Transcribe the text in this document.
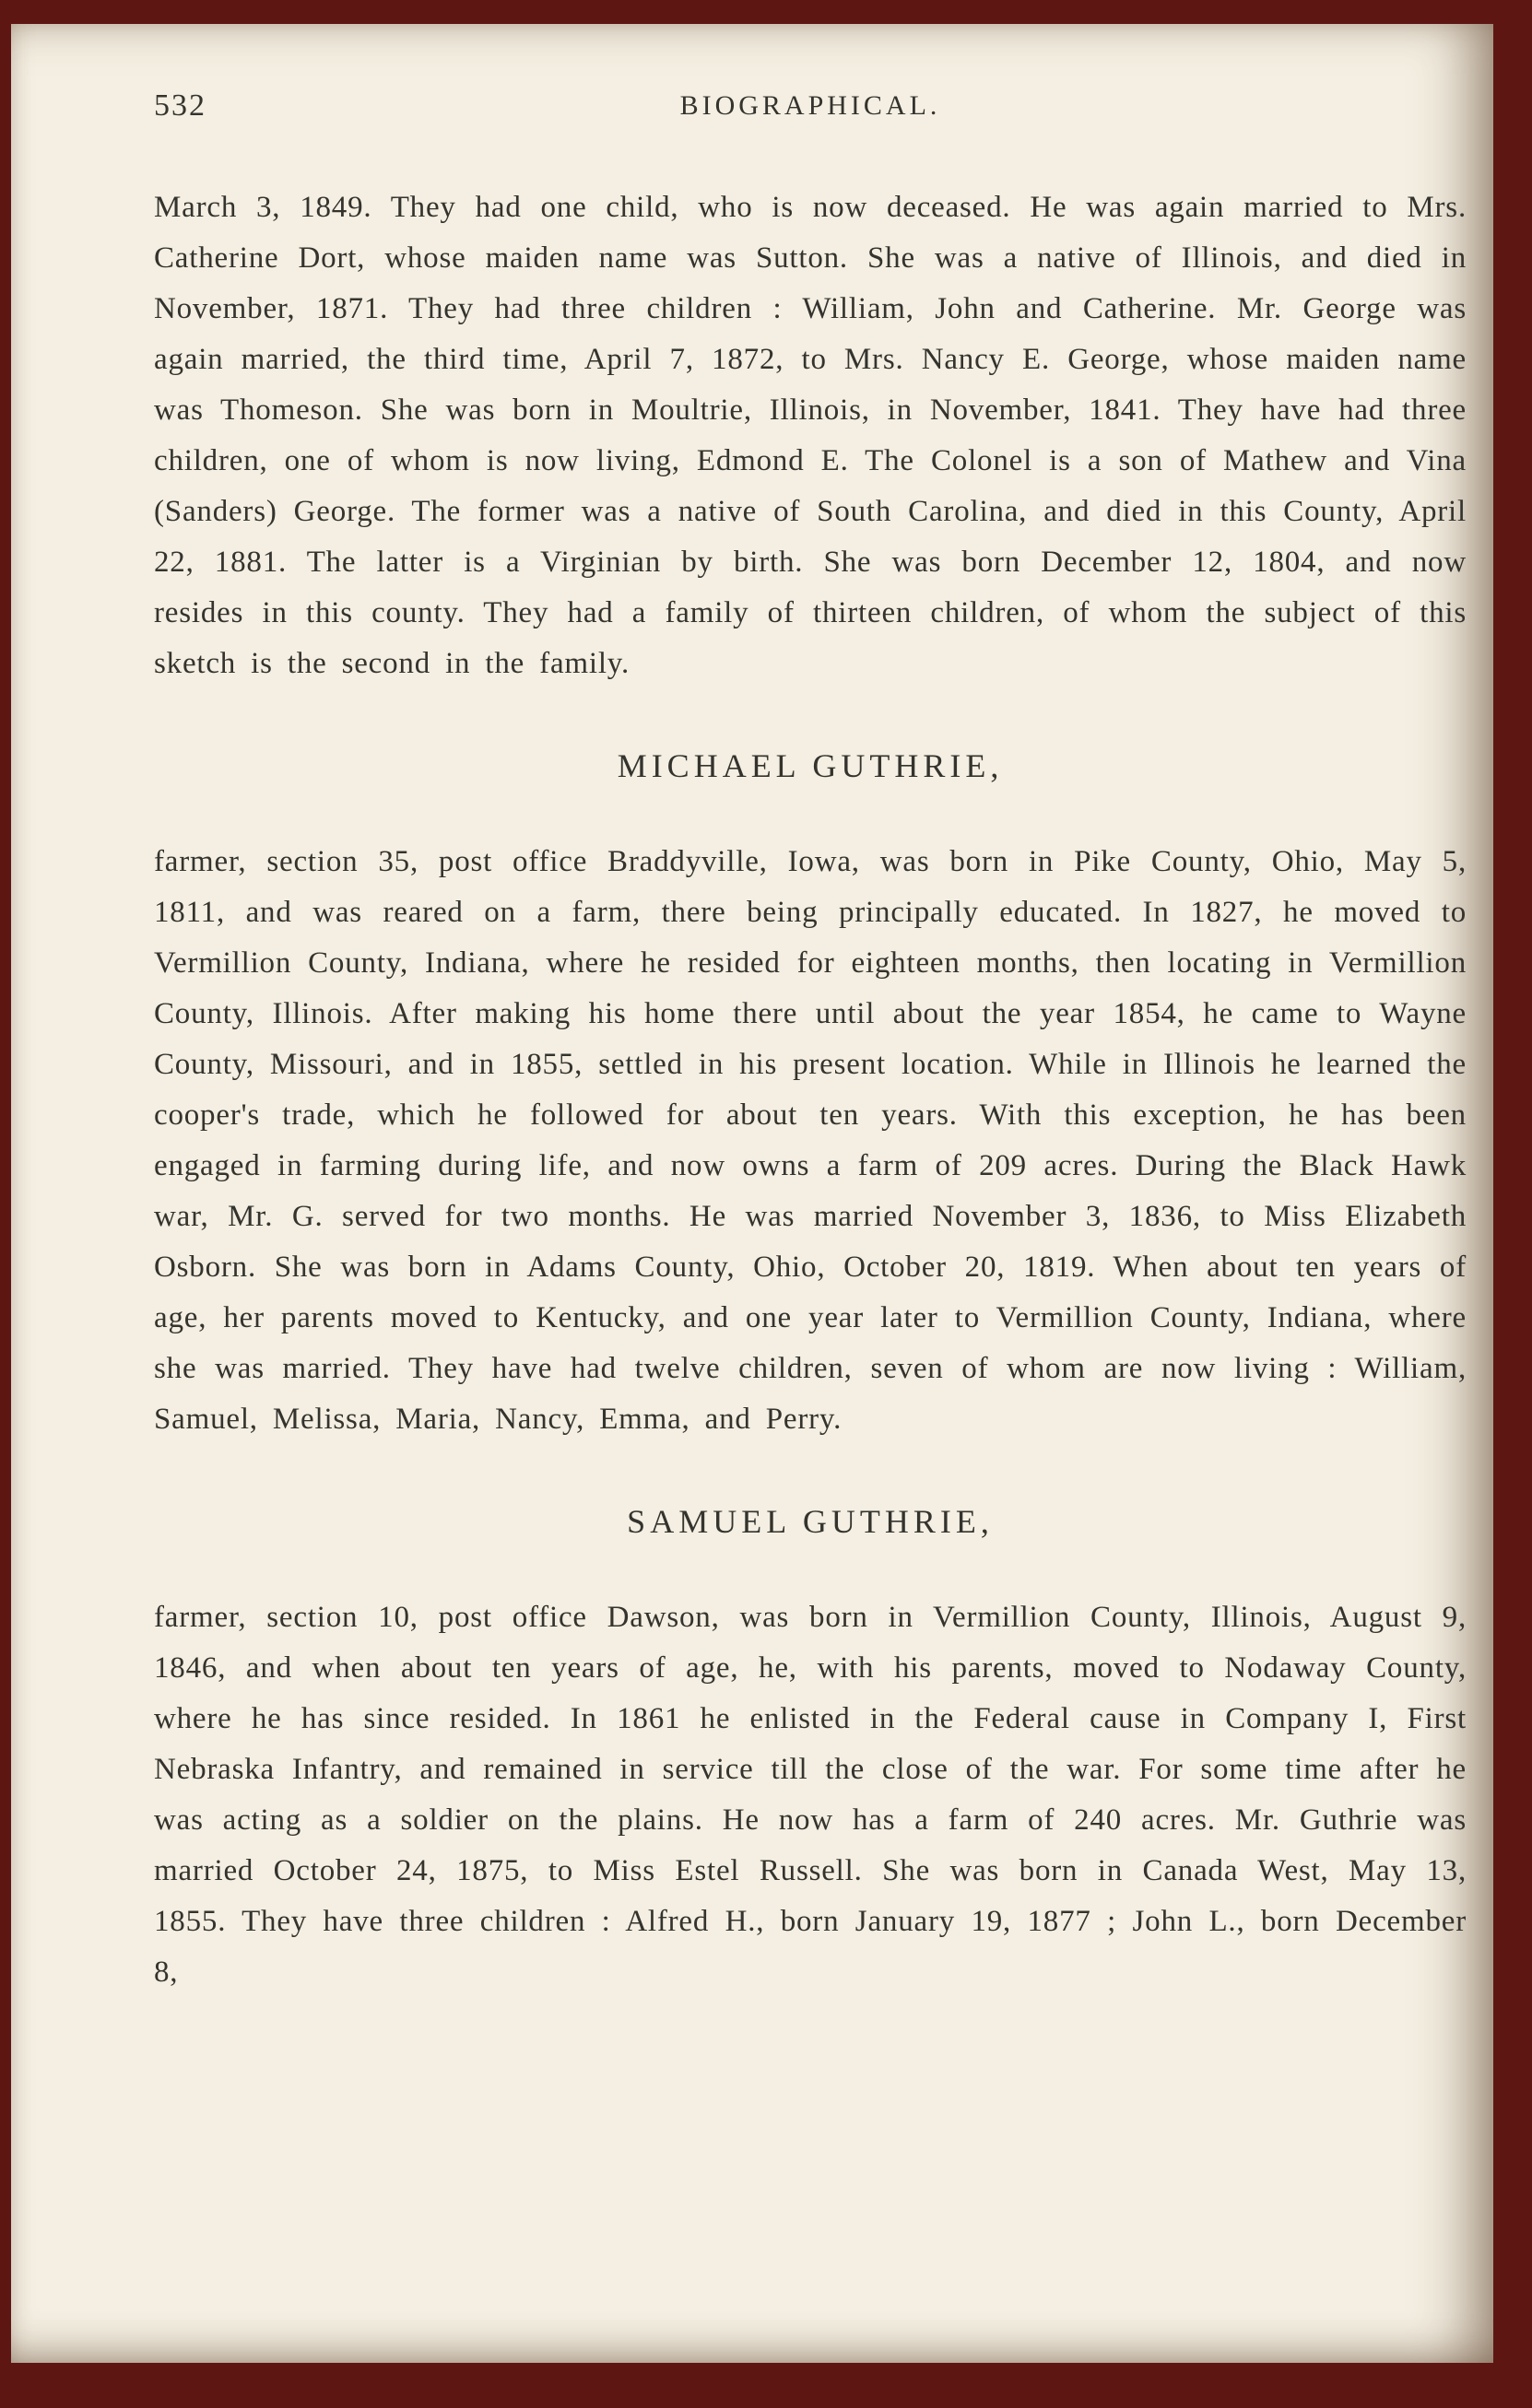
532	BIOGRAPHICAL.

March 3, 1849. They had one child, who is now deceased. He was again married to Mrs. Catherine Dort, whose maiden name was Sutton. She was a native of Illinois, and died in November, 1871. They had three children : William, John and Catherine. Mr. George was again married, the third time, April 7, 1872, to Mrs. Nancy E. George, whose maiden name was Thomeson. She was born in Moultrie, Illinois, in November, 1841. They have had three children, one of whom is now living, Edmond E. The Colonel is a son of Mathew and Vina (Sanders) George. The former was a native of South Carolina, and died in this County, April 22, 1881. The latter is a Virginian by birth. She was born December 12, 1804, and now resides in this county. They had a family of thirteen children, of whom the subject of this sketch is the second in the family.

MICHAEL GUTHRIE,

farmer, section 35, post office Braddyville, Iowa, was born in Pike County, Ohio, May 5, 1811, and was reared on a farm, there being principally educated. In 1827, he moved to Vermillion County, Indiana, where he resided for eighteen months, then locating in Vermillion County, Illinois. After making his home there until about the year 1854, he came to Wayne County, Missouri, and in 1855, settled in his present location. While in Illinois he learned the cooper's trade, which he followed for about ten years. With this exception, he has been engaged in farming during life, and now owns a farm of 209 acres. During the Black Hawk war, Mr. G. served for two months. He was married November 3, 1836, to Miss Elizabeth Osborn. She was born in Adams County, Ohio, October 20, 1819. When about ten years of age, her parents moved to Kentucky, and one year later to Vermillion County, Indiana, where she was married. They have had twelve children, seven of whom are now living : William, Samuel, Melissa, Maria, Nancy, Emma, and Perry.

SAMUEL GUTHRIE,

farmer, section 10, post office Dawson, was born in Vermillion County, Illinois, August 9, 1846, and when about ten years of age, he, with his parents, moved to Nodaway County, where he has since resided. In 1861 he enlisted in the Federal cause in Company I, First Nebraska Infantry, and remained in service till the close of the war. For some time after he was acting as a soldier on the plains. He now has a farm of 240 acres. Mr. Guthrie was married October 24, 1875, to Miss Estel Russell. She was born in Canada West, May 13, 1855. They have three children : Alfred H., born January 19, 1877 ; John L., born December 8,
